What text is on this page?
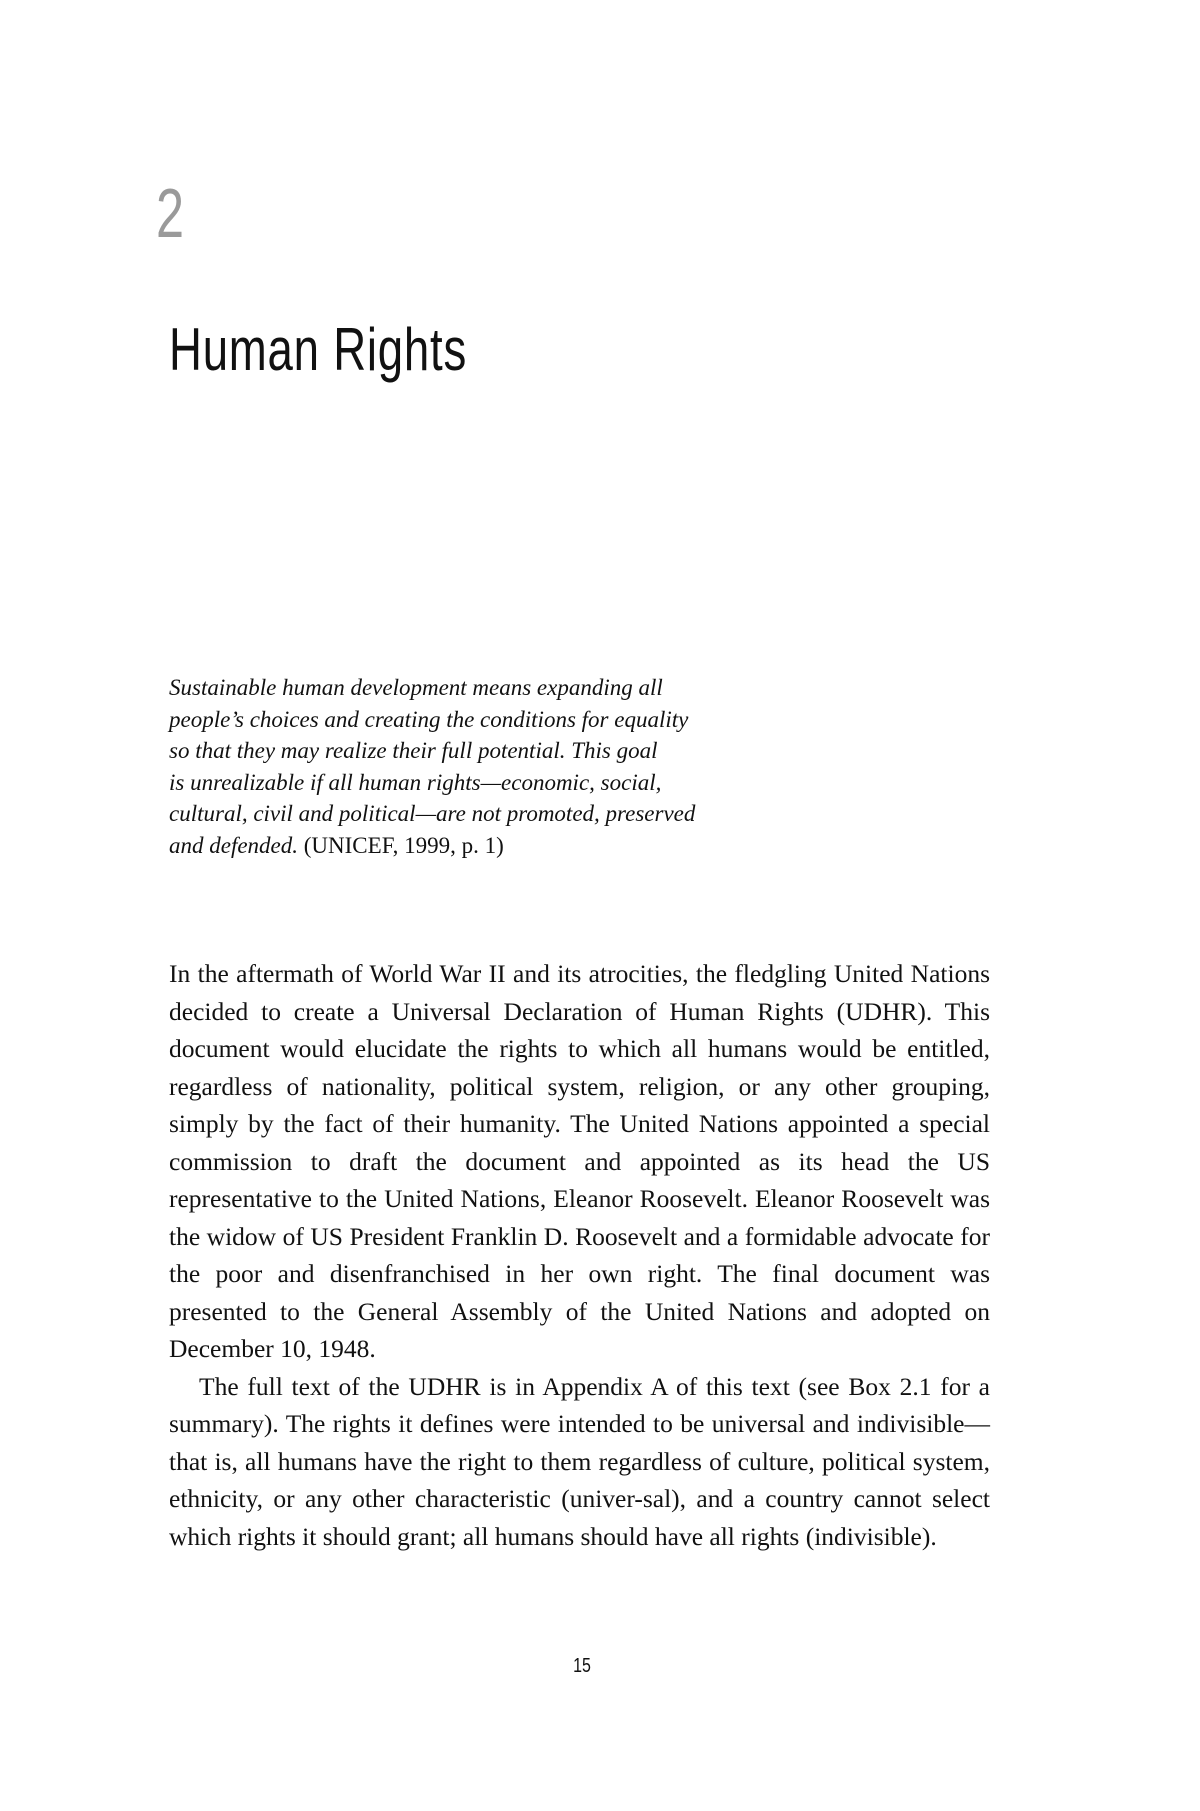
2
Human Rights
Sustainable human development means expanding all
people’s choices and creating the conditions for equality
so that they may realize their full potential. This goal
is unrealizable if all human rights—economic, social,
cultural, civil and political—are not promoted, preserved
and defended. (UNICEF, 1999, p. 1)

In the aftermath of World War II and its atrocities, the fledgling United Nations decided to create a Universal Declaration of Human Rights (UDHR). This document would elucidate the rights to which all humans would be entitled, regardless of nationality, political system, religion, or any other grouping, simply by the fact of their humanity. The United Nations appointed a special commission to draft the document and appointed as its head the US representative to the United Nations, Eleanor Roosevelt. Eleanor Roosevelt was the widow of US President Franklin D. Roosevelt and a formidable advocate for the poor and disenfranchised in her own right. The final document was presented to the General Assembly of the United Nations and adopted on December 10, 1948.

The full text of the UDHR is in Appendix A of this text (see Box 2.1 for a summary). The rights it defines were intended to be universal and indivisible—that is, all humans have the right to them regardless of culture, political system, ethnicity, or any other characteristic (univer-sal), and a country cannot select which rights it should grant; all humans should have all rights (indivisible).

15
